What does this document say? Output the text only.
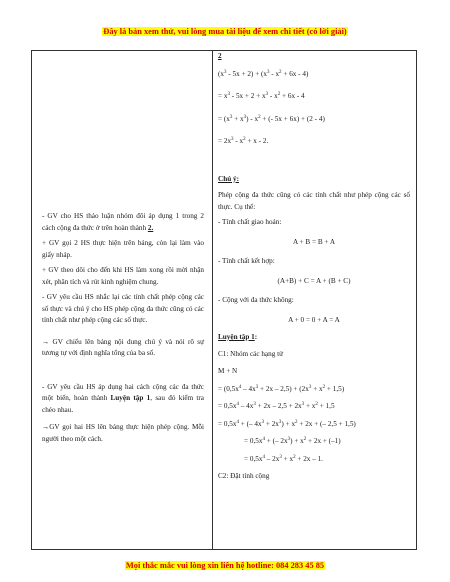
Đây là bản xem thử, vui lòng mua tài liệu để xem chi tiết (có lời giải)

- GV cho HS thảo luận nhóm đôi áp dụng 1 trong 2 cách cộng đa thức ở trên hoàn thành 2.

+ GV gọi 2 HS thực hiện trên bảng, còn lại làm vào giấy nháp.

+ GV theo dõi cho đến khi HS làm xong rồi mời nhận xét, phân tích và rút kinh nghiệm chung.

- GV yêu cầu HS nhắc lại các tính chất phép cộng các số thực và chú ý cho HS phép cộng đa thức cũng có các tính chất như phép cộng các số thực.

→ GV chiếu lên bảng nội dung chú ý và nói rõ sự tương tự với định nghĩa tổng của ba số.

- GV yêu cầu HS áp dụng hai cách cộng các đa thức một biến, hoàn thành Luyện tập 1, sau đó kiểm tra chéo nhau.

→GV gọi hai HS lên bảng thực hiện phép cộng. Mỗi người theo một cách.

2

$(x^3 - 5x + 2) + (x^3 - x^2 + 6x - 4)$

= $x^3 - 5x + 2 + x^3 - x^2 + 6x - 4$

= $(x^3 + x^3) - x^2$ + (- 5x + 6x) + (2 - 4)

= $2x^3 - x^2 + x - 2$.

Chú ý:

Phép cộng đa thức cũng có các tính chất như phép cộng các số thực. Cụ thể:

- Tính chất giao hoán:

A + B = B + A

- Tính chất kết hợp:

(A+B) + C = A + (B + C)

- Cộng với đa thức không:

A + 0 = 0 + A = A

Luyện tập 1:

C1: Nhóm các hạng tử

M + N

= $(0,5x^4 - 4x^3 + 2x - 2,5) + (2x^3 + x^2 + 1,5)$

= $0,5x^4 - 4x^3 + 2x - 2,5 + 2x^3 + x^2 + 1,5$

= $0,5x^4$ + (– $4x^3 + 2x^3) + x^2 + 2x$ + (– 2,5 + 1,5)

= $0,5x^4$ + (– $2x^3) + x^2 + 2x + (-1)$

= $0,5x^4 - 2x^3 + x^2 + 2x - 1$.

C2: Đặt tính cộng

Mọi thắc mắc vui lòng xin liên hệ hotline: 084 283 45 85
